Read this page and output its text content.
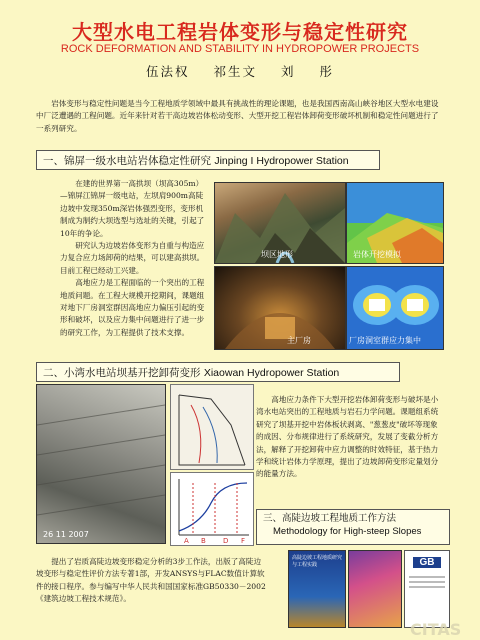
大型水电工程岩体变形与稳定性研究
ROCK DEFORMATION AND STABILITY IN HYDROPOWER PROJECTS
伍法权 祁生文 刘 彤
岩体变形与稳定性问题是当今工程地质学领域中最具有挑战性的理论课题，也是我国西南高山峡谷地区大型水电建设中厂泛遭遇的工程问题。近年来针对若干高边坡岩体松动变形、大型开挖工程岩体卸荷变形破坏机制和稳定性问题进行了一系列研究。
一、锦屏一级水电站岩体稳定性研究 Jinping I Hydropower Station
在建的世界第一高拱坝（坝高305m）—锦屏江锦屏一级电站，左坝肩900m高陡边坡中发现350m深岩体强烈变形，变形机制成为制约大坝选型与选址的关键，引起了10年的争论。
研究认为边坡岩体变形为自重与构造应力复合应力场卸荷的结果，可以建高拱坝。目前工程已经动工兴建。
高地应力是工程面临的一个突出的工程地质问题。在工程大规模开挖期间，课题组对地下厂房洞室群因高地应力偏压引起的变形和破坏，以及应力集中问题进行了进一步的研究工作，为工程提供了技术支撑。
坝区地形	岩体开挖模拟
主厂房	厂房洞室群应力集中
二、小湾水电站坝基开挖卸荷变形 Xiaowan Hydropower Station
26 11 2007
A B D F
高地应力条件下大型开挖岩体卸荷变形与破坏是小湾水电站突出的工程地质与岩石力学问题。课题组系统研究了坝基开挖中岩体板状剥离、"葱葱皮"破坏等现象的成因、分布规律进行了系统研究，发展了变截分析方法，解释了开挖卸荷中应力调整的时效特征，基于热力学和统计岩体力学原理，提出了边坡卸荷变形定量划分的能量方法。
三、高陡边坡工程地质工作方法
Methodology for High-steep Slopes
提出了岩质高陡边坡变形稳定分析的3步工作法，出版了高陡边坡变形与稳定性评价方法专著1部，开发ANSYS与FLAC数值计算软件的接口程序。参与编写中华人民共和国国家标准GB50330－2002《建筑边坡工程技术规范》。
高陡边坡工程地质研究与工程实践	GB
CITAS
